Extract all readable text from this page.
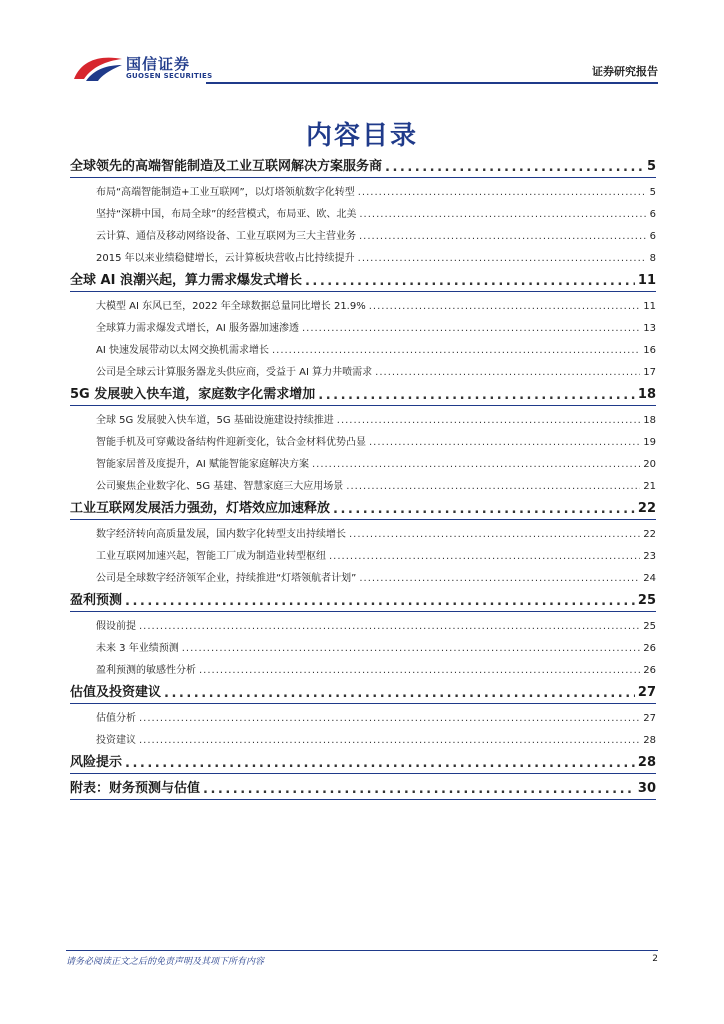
国信证券
GUOSEN SECURITIES	证券研究报告
内容目录
全球领先的高端智能制造及工业互联网解决方案服务商 .....	5
布局“高端智能制造+工业互联网”，以灯塔领航数字化转型 .....	5
坚持“深耕中国，布局全球”的经营模式，布局亚、欧、北美 .....	6
云计算、通信及移动网络设备、工业互联网为三大主营业务 .....	6
2015 年以来业绩稳健增长，云计算板块营收占比持续提升 .....	8
全球 AI 浪潮兴起，算力需求爆发式增长 .....	11
大模型 AI 东风已至，2022 年全球数据总量同比增长 21.9% .....	11
全球算力需求爆发式增长，AI 服务器加速渗透 .....	13
AI 快速发展带动以太网交换机需求增长 .....	16
公司是全球云计算服务器龙头供应商，受益于 AI 算力井喷需求 .....	17
5G 发展驶入快车道，家庭数字化需求增加 .....	18
全球 5G 发展驶入快车道，5G 基础设施建设持续推进 .....	18
智能手机及可穿戴设备结构件迎新变化，钛合金材料优势凸显 .....	19
智能家居普及度提升，AI 赋能智能家庭解决方案 .....	20
公司聚焦企业数字化、5G 基建、智慧家庭三大应用场景 .....	21
工业互联网发展活力强劲，灯塔效应加速释放 .....	22
数字经济转向高质量发展，国内数字化转型支出持续增长 .....	22
工业互联网加速兴起，智能工厂成为制造业转型枢纽 .....	23
公司是全球数字经济领军企业，持续推进“灯塔领航者计划” .....	24
盈利预测 .....	25
假设前提 .....	25
未来 3 年业绩预测 .....	26
盈利预测的敏感性分析 .....	26
估值及投资建议 .....	27
估值分析 .....	27
投资建议 .....	28
风险提示 .....	28
附表：财务预测与估值 .....	30
请务必阅读正文之后的免责声明及其项下所有内容	2
